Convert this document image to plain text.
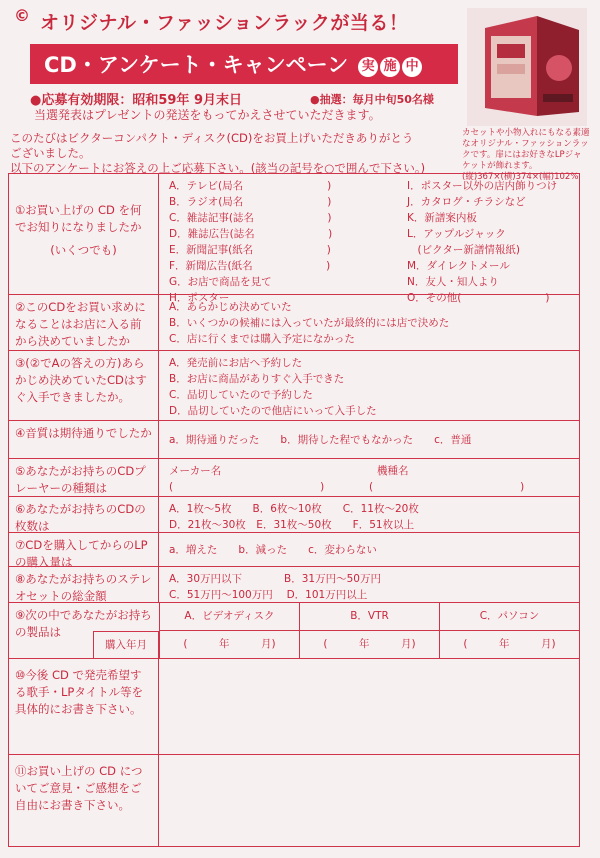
© オリジナル・ファッションラックが当る！
CD・アンケート・キャンペーン	実 施 中
●応募有効期限：昭和59年 9月末日	●抽選：毎月中旬50名様
当選発表はプレゼントの発送をもってかえさせていただきます。
このたびはビクターコンパクト・ディスク(CD)をお買上げいただきありがとう
ございました。
以下のアンケートにお答えの上ご応募下さい。(該当の記号を○で囲んで下さい。)
カセットや小物入れにもなる素適なオリジナル・ファッションラックです。扉にはお好きなLPジャケットが飾れます。
(縦)367×(横)374×(幅)102%
①お買い上げの CD を何でお知りになりましたか
(いくつでも)
A．テレビ(局名　　　　　　　　)
B．ラジオ(局名　　　　　　　　)
C．雑誌記事(誌名　　　　　　　)
D．雑誌広告(誌名　　　　　　　)
E．新聞記事(紙名　　　　　　　)
F．新聞広告(紙名　　　　　　　)
G．お店で商品を見て
H．ポスター
I．ポスター以外の店内飾りつけ
J．カタログ・チラシなど
K．新譜案内板
L．アップルジャック
　(ビクター新譜情報紙)
M．ダイレクトメール
N．友人・知人より
O．その他(　　　　　　　　)
②このCDをお買い求めになることはお店に入る前から決めていましたか
A．あらかじめ決めていた
B．いくつかの候補には入っていたが最終的には店で決めた
C．店に行くまでは購入予定になかった
③(②でAの答えの方)あらかじめ決めていたCDはすぐ入手できましたか。
A．発売前にお店へ予約した
B．お店に商品がありすぐ入手できた
C．品切していたので予約した
D．品切していたので他店にいって入手した
④音質は期待通りでしたか	a．期待通りだった　　b．期待した程でもなかった　　c．普通
⑤あなたがお持ちのCDプレーヤーの種類は
メーカー名	機種名
(　　　　　　　　　　　　　　)	(　　　　　　　　　　　　　　)
⑥あなたがお持ちのCDの枚数は
A．1枚～5枚　　B．6枚～10枚　　C．11枚～20枚
D．21枚～30枚　E．31枚～50枚　　F．51枚以上
⑦CDを購入してからのLPの購入量は
a．増えた　　b．減った　　c．変わらない
⑧あなたがお持ちのステレオセットの総金額
A．30万円以下　　　　B．31万円～50万円
C．51万円～100万円　 D．101万円以上
⑨次の中であなたがお持ちの製品は
購入年月
A．ビデオディスク	B．VTR	C．パソコン
(　　　年　　　月)	(　　　年　　　月)	(　　　年　　　月)
⑩今後 CD で発売希望する歌手・LPタイトル等を具体的にお書き下さい。
⑪お買い上げの CD についてご意見・ご感想をご自由にお書き下さい。
